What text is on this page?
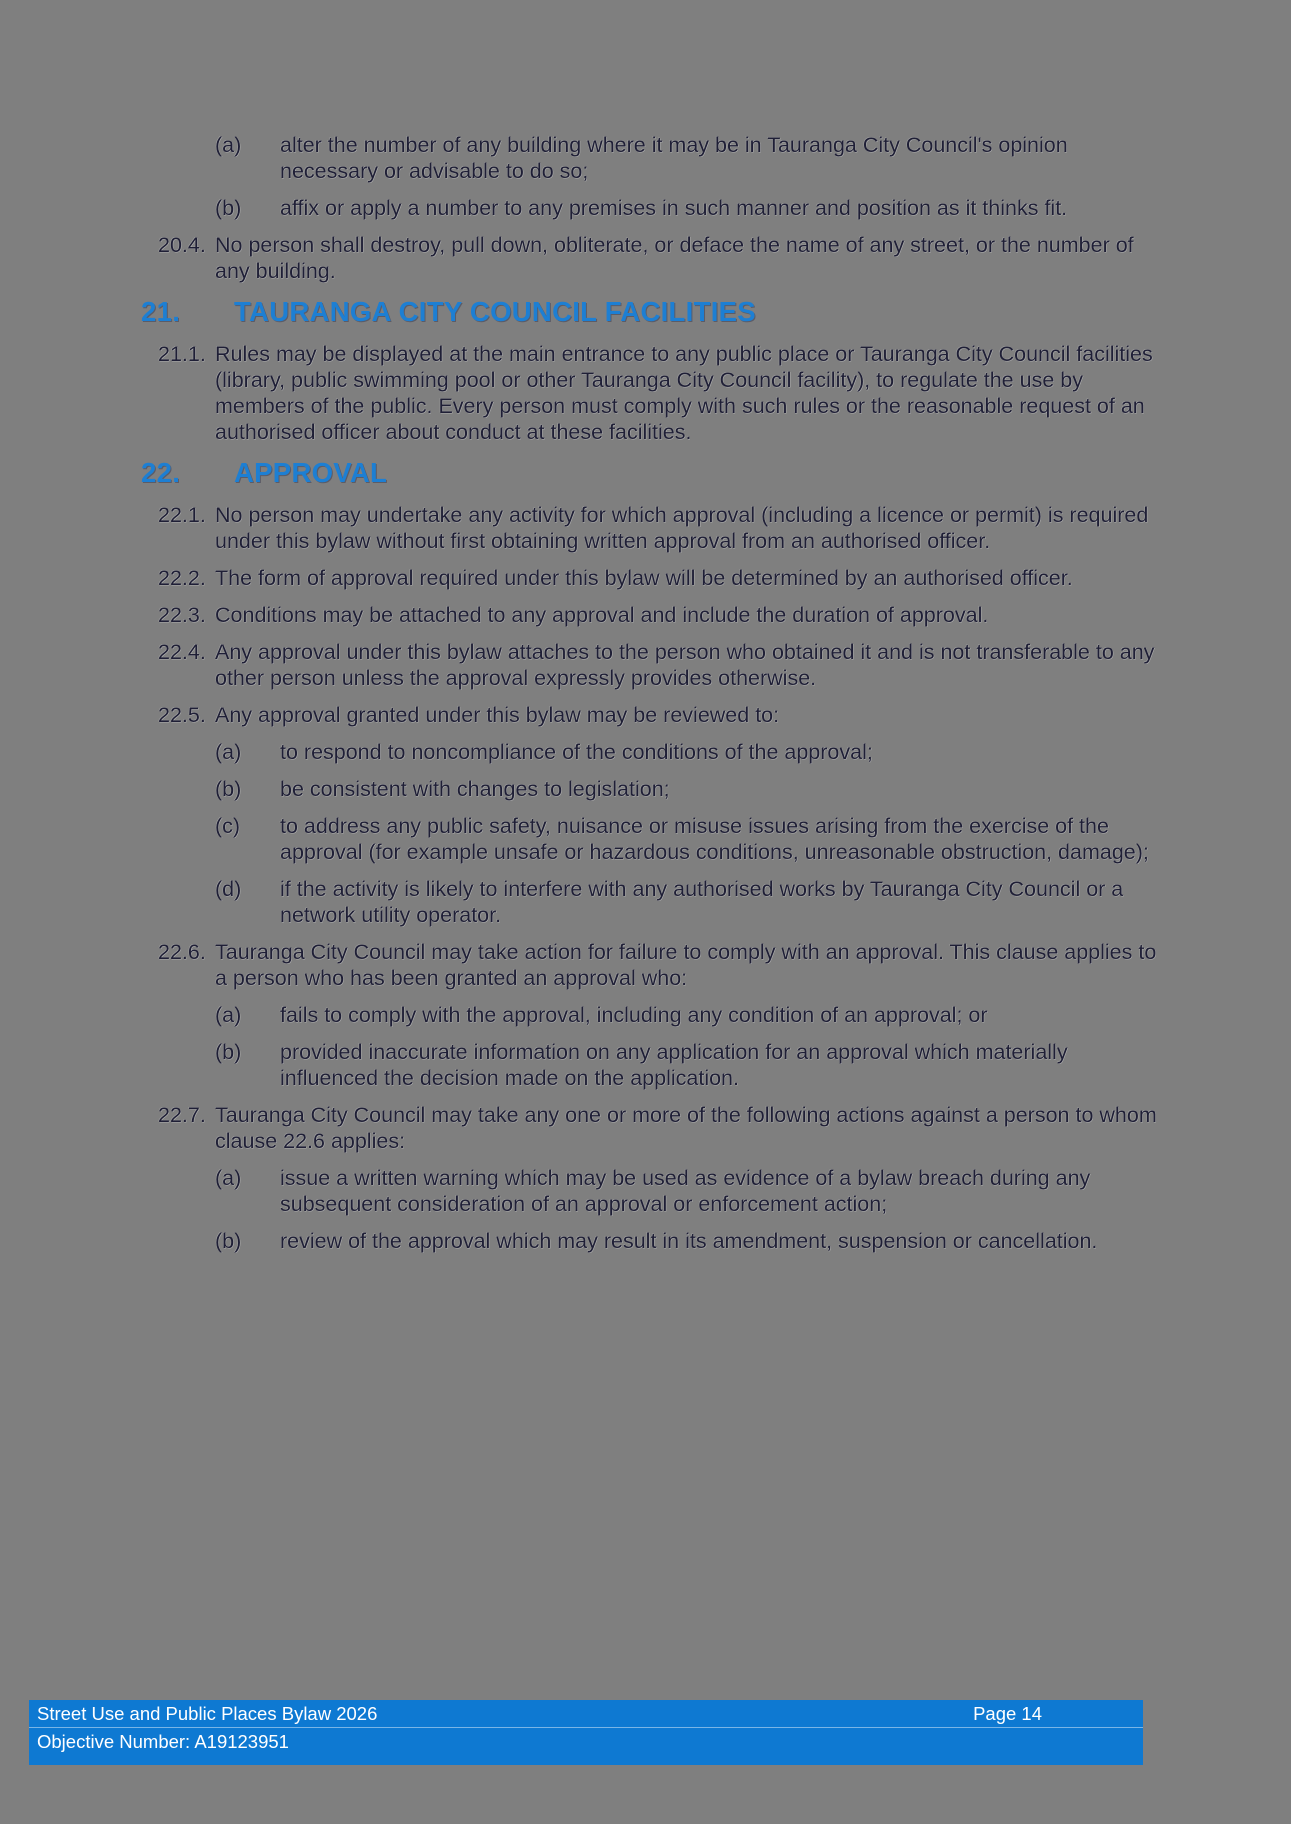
(a)	alter the number of any building where it may be in Tauranga City Council's opinion necessary or advisable to do so;
(b)	affix or apply a number to any premises in such manner and position as it thinks fit.
20.4. No person shall destroy, pull down, obliterate, or deface the name of any street, or the number of any building.
21.	TAURANGA CITY COUNCIL FACILITIES
21.1. Rules may be displayed at the main entrance to any public place or Tauranga City Council facilities (library, public swimming pool or other Tauranga City Council facility), to regulate the use by members of the public. Every person must comply with such rules or the reasonable request of an authorised officer about conduct at these facilities.
22.	APPROVAL
22.1. No person may undertake any activity for which approval (including a licence or permit) is required under this bylaw without first obtaining written approval from an authorised officer.
22.2. The form of approval required under this bylaw will be determined by an authorised officer.
22.3. Conditions may be attached to any approval and include the duration of approval.
22.4. Any approval under this bylaw attaches to the person who obtained it and is not transferable to any other person unless the approval expressly provides otherwise.
22.5. Any approval granted under this bylaw may be reviewed to:
(a)	to respond to noncompliance of the conditions of the approval;
(b)	be consistent with changes to legislation;
(c)	to address any public safety, nuisance or misuse issues arising from the exercise of the approval (for example unsafe or hazardous conditions, unreasonable obstruction, damage);
(d)	if the activity is likely to interfere with any authorised works by Tauranga City Council or a network utility operator.
22.6. Tauranga City Council may take action for failure to comply with an approval. This clause applies to a person who has been granted an approval who:
(a)	fails to comply with the approval, including any condition of an approval; or
(b)	provided inaccurate information on any application for an approval which materially influenced the decision made on the application.
22.7. Tauranga City Council may take any one or more of the following actions against a person to whom clause 22.6 applies:
(a)	issue a written warning which may be used as evidence of a bylaw breach during any subsequent consideration of an approval or enforcement action;
(b)	review of the approval which may result in its amendment, suspension or cancellation.
Street Use and Public Places Bylaw 2026	Page 14
Objective Number: A19123951
